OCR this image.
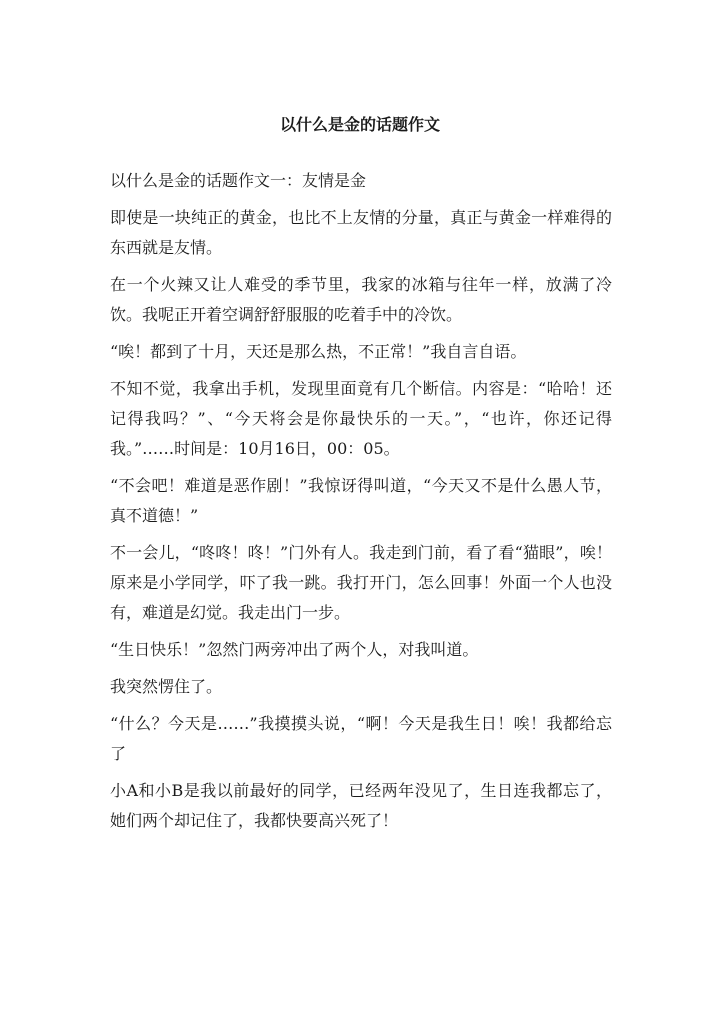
以什么是金的话题作文

以什么是金的话题作文一：友情是金

即使是一块纯正的黄金，也比不上友情的分量，真正与黄金一样难得的东西就是友情。

在一个火辣又让人难受的季节里，我家的冰箱与往年一样，放满了冷饮。我呢正开着空调舒舒服服的吃着手中的冷饮。

“唉！都到了十月，天还是那么热，不正常！”我自言自语。

不知不觉，我拿出手机，发现里面竟有几个断信。内容是：“哈哈！还记得我吗？”、“今天将会是你最快乐的一天。”，“也许，你还记得我。”……时间是：10月16日，00：05。

“不会吧！难道是恶作剧！”我惊讶得叫道，“今天又不是什么愚人节，真不道德！”

不一会儿，“咚咚！咚！”门外有人。我走到门前，看了看“猫眼”，唉！原来是小学同学，吓了我一跳。我打开门，怎么回事！外面一个人也没有，难道是幻觉。我走出门一步。

“生日快乐！”忽然门两旁冲出了两个人，对我叫道。

我突然愣住了。

“什么？今天是……”我摸摸头说，“啊！今天是我生日！唉！我都给忘了

小A和小B是我以前最好的同学，已经两年没见了，生日连我都忘了，她们两个却记住了，我都快要高兴死了！
